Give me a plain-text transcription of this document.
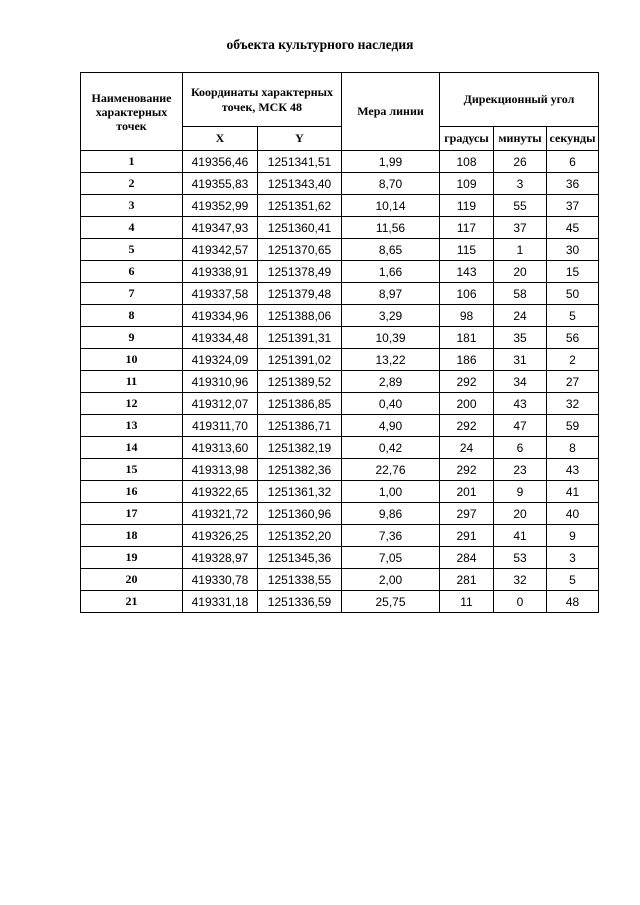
объекта культурного наследия
Наименование характерных точек	Координаты характерных точек, МСК 48		Мера линии	Дирекционный угол		
	X	Y		градусы	минуты	секунды
1	419356,46	1251341,51	1,99	108	26	6
2	419355,83	1251343,40	8,70	109	3	36
3	419352,99	1251351,62	10,14	119	55	37
4	419347,93	1251360,41	11,56	117	37	45
5	419342,57	1251370,65	8,65	115	1	30
6	419338,91	1251378,49	1,66	143	20	15
7	419337,58	1251379,48	8,97	106	58	50
8	419334,96	1251388,06	3,29	98	24	5
9	419334,48	1251391,31	10,39	181	35	56
10	419324,09	1251391,02	13,22	186	31	2
11	419310,96	1251389,52	2,89	292	34	27
12	419312,07	1251386,85	0,40	200	43	32
13	419311,70	1251386,71	4,90	292	47	59
14	419313,60	1251382,19	0,42	24	6	8
15	419313,98	1251382,36	22,76	292	23	43
16	419322,65	1251361,32	1,00	201	9	41
17	419321,72	1251360,96	9,86	297	20	40
18	419326,25	1251352,20	7,36	291	41	9
19	419328,97	1251345,36	7,05	284	53	3
20	419330,78	1251338,55	2,00	281	32	5
21	419331,18	1251336,59	25,75	11	0	48
